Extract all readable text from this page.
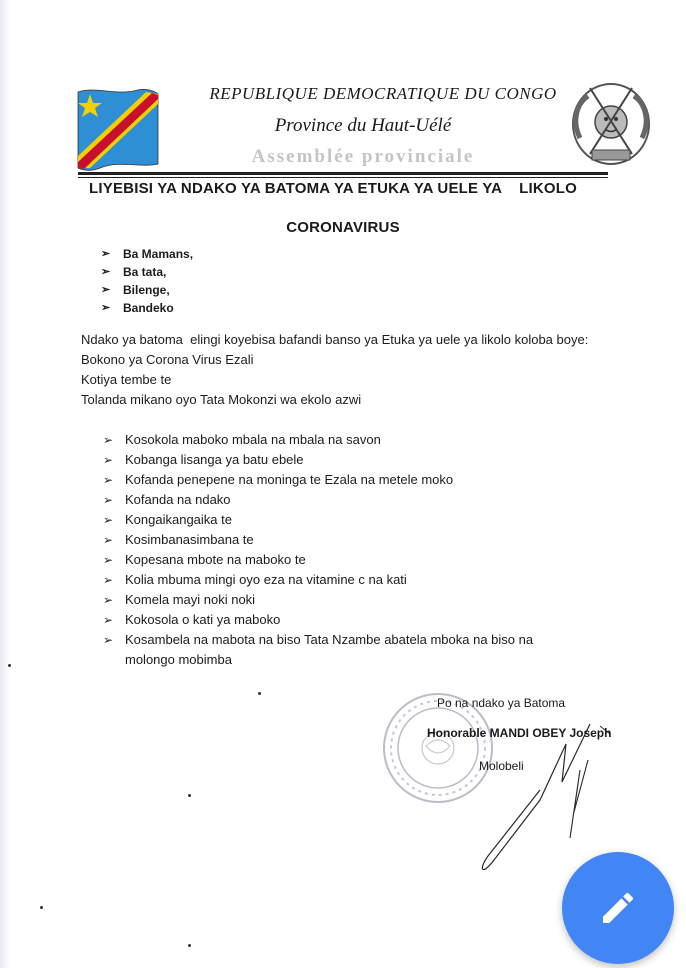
REPUBLIQUE DEMOCRATIQUE DU CONGO
Province du Haut-Uélé
Assemblée provinciale
LIYEBISI YA NDAKO YA BATOMA YA ETUKA YA UELE YA    LIKOLO
CORONAVIRUS
➢ Ba Mamans,
➢ Ba tata,
➢ Bilenge,
➢ Bandeko
Ndako ya batoma  elingi koyebisa bafandi banso ya Etuka ya uele ya likolo koloba boye:
Bokono ya Corona Virus Ezali
Kotiya tembe te
Tolanda mikano oyo Tata Mokonzi wa ekolo azwi
➢ Kosokola maboko mbala na mbala na savon
➢ Kobanga lisanga ya batu ebele
➢ Kofanda penepene na moninga te Ezala na metele moko
➢ Kofanda na ndako
➢ Kongaikangaika te
➢ Kosimbanasimbana te
➢ Kopesana mbote na maboko te
➢ Kolia mbuma mingi oyo eza na vitamine c na kati
➢ Komela mayi noki noki
➢ Kokosola o kati ya maboko
➢ Kosambela na mabota na biso Tata Nzambe abatela mboka na biso na molongo mobimba
Po na ndako ya Batoma
Honorable MANDI OBEY Joseph
Molobeli
